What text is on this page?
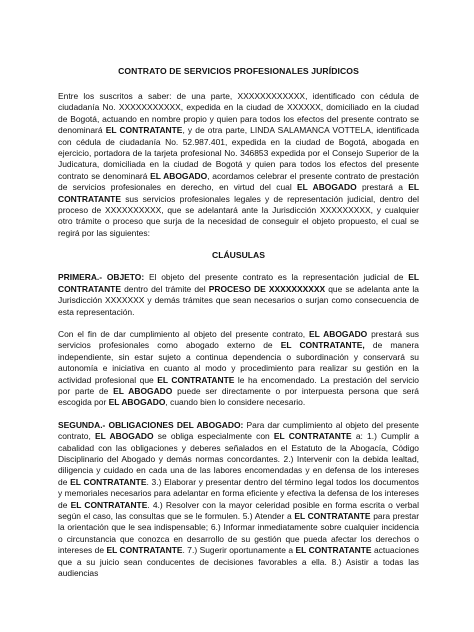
CONTRATO DE SERVICIOS PROFESIONALES JURÍDICOS

Entre los suscritos a saber: de una parte, XXXXXXXXXXXX, identificado con cédula de ciudadanía No. XXXXXXXXXXX, expedida en la ciudad de XXXXXX, domiciliado en la ciudad de Bogotá, actuando en nombre propio y quien para todos los efectos del presente contrato se denominará EL CONTRATANTE, y de otra parte, LINDA SALAMANCA VOTTELA, identificada con cédula de ciudadanía No. 52.987.401, expedida en la ciudad de Bogotá, abogada en ejercicio, portadora de la tarjeta profesional No. 346853 expedida por el Consejo Superior de la Judicatura, domiciliada en la ciudad de Bogotá y quien para todos los efectos del presente contrato se denominará EL ABOGADO, acordamos celebrar el presente contrato de prestación de servicios profesionales en derecho, en virtud del cual EL ABOGADO prestará a EL CONTRATANTE sus servicios profesionales legales y de representación judicial, dentro del proceso de XXXXXXXXXX, que se adelantará ante la Jurisdicción XXXXXXXXX, y cualquier otro trámite o proceso que surja de la necesidad de conseguir el objeto propuesto, el cual se regirá por las siguientes:

CLÁUSULAS

PRIMERA.- OBJETO: El objeto del presente contrato es la representación judicial de EL CONTRATANTE dentro del trámite del PROCESO DE XXXXXXXXXX que se adelanta ante la Jurisdicción XXXXXXX y demás trámites que sean necesarios o surjan como consecuencia de esta representación.

Con el fin de dar cumplimiento al objeto del presente contrato, EL ABOGADO prestará sus servicios profesionales como abogado externo de EL CONTRATANTE, de manera independiente, sin estar sujeto a continua dependencia o subordinación y conservará su autonomía e iniciativa en cuanto al modo y procedimiento para realizar su gestión en la actividad profesional que EL CONTRATANTE le ha encomendado. La prestación del servicio por parte de EL ABOGADO puede ser directamente o por interpuesta persona que será escogida por EL ABOGADO, cuando bien lo considere necesario.

SEGUNDA.- OBLIGACIONES DEL ABOGADO: Para dar cumplimiento al objeto del presente contrato, EL ABOGADO se obliga especialmente con EL CONTRATANTE a: 1.) Cumplir a cabalidad con las obligaciones y deberes señalados en el Estatuto de la Abogacía, Código Disciplinario del Abogado y demás normas concordantes. 2.) Intervenir con la debida lealtad, diligencia y cuidado en cada una de las labores encomendadas y en defensa de los intereses de EL CONTRATANTE. 3.) Elaborar y presentar dentro del término legal todos los documentos y memoriales necesarios para adelantar en forma eficiente y efectiva la defensa de los intereses de EL CONTRATANTE. 4.) Resolver con la mayor celeridad posible en forma escrita o verbal según el caso, las consultas que se le formulen. 5.) Atender a EL CONTRATANTE para prestar la orientación que le sea indispensable; 6.) Informar inmediatamente sobre cualquier incidencia o circunstancia que conozca en desarrollo de su gestión que pueda afectar los derechos o intereses de EL CONTRATANTE. 7.) Sugerir oportunamente a EL CONTRATANTE actuaciones que a su juicio sean conducentes de decisiones favorables a ella. 8.) Asistir a todas las audiencias
